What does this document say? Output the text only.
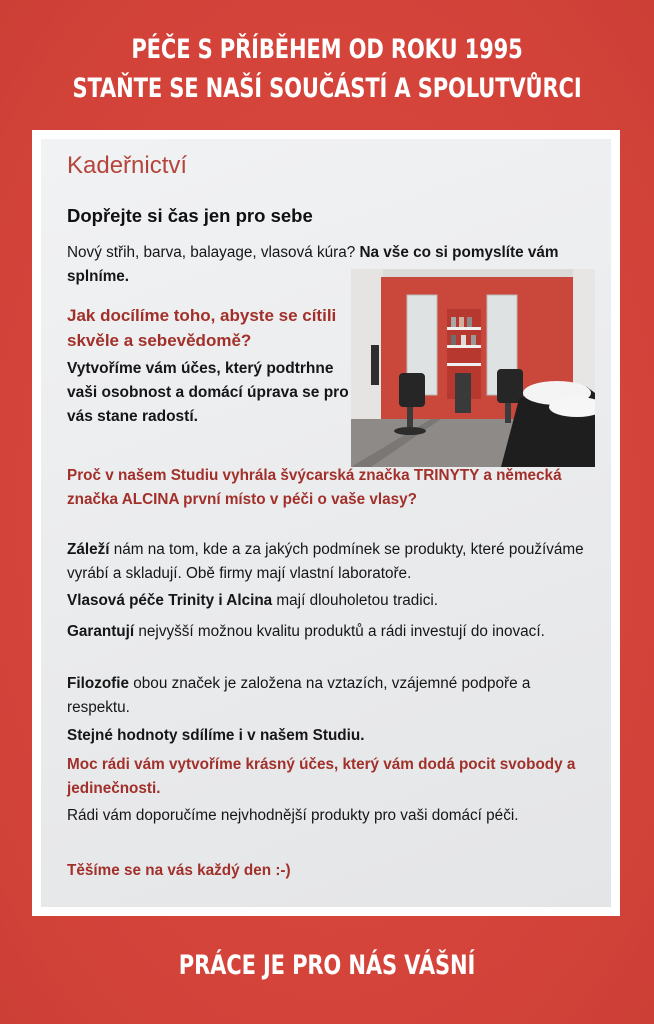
PÉČE S PŘÍBĚHEM OD ROKU 1995
STAŇTE SE NAŠÍ SOUČÁSTÍ A SPOLUTVŮRCI
Kadeřnictví
Dopřejte si čas jen pro sebe
Nový střih, barva, balayage, vlasová kúra? Na vše co si pomyslíte vám splníme.
Jak docílíme toho, abyste se cítili skvěle a sebevědomě?
Vytvoříme vám účes, který podtrhne vaši osobnost a domácí úprava se pro vás stane radostí.
Proč v našem Studiu vyhrála švýcarská značka TRINYTY a německá značka ALCINA první místo v péči o vaše vlasy?
Záleží nám na tom, kde a za jakých podmínek se produkty, které používáme vyrábí a skladují. Obě firmy mají vlastní laboratoře.
Vlasová péče Trinity i Alcina mají dlouholetou tradici.
Garantují nejvyšší možnou kvalitu produktů a rádi investují do inovací.
Filozofie obou značek je založena na vztazích, vzájemné podpoře a respektu.
Stejné hodnoty sdílíme i v našem Studiu.
Moc rádi vám vytvoříme krásný účes, který vám dodá pocit svobody a jedinečnosti.
Rádi vám doporučíme nejvhodnější produkty pro vaši domácí péči.
Těšíme se na vás každý den :-)
PRÁCE JE PRO NÁS VÁŠNÍ
